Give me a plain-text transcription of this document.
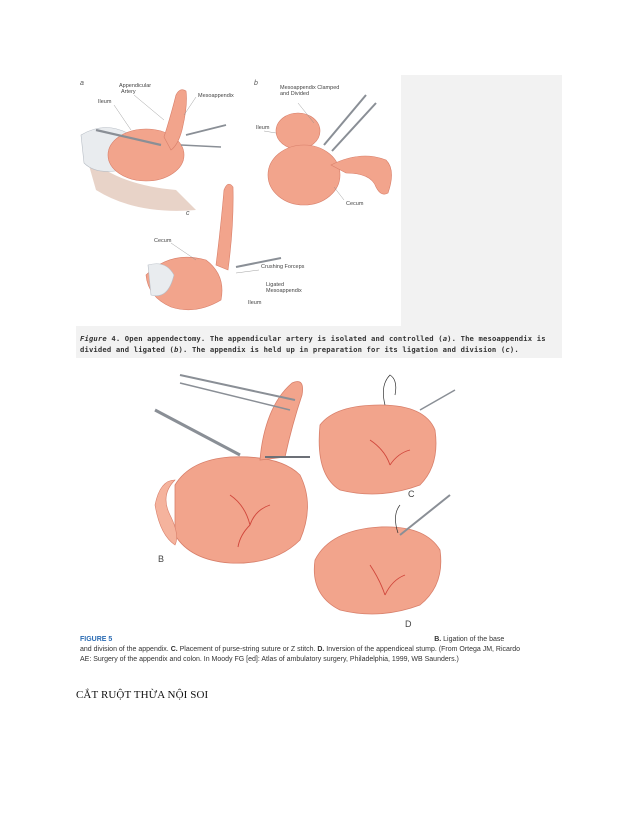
a	Appendicular
Artery
Ileum
Mesoappendix
b
Mesoappendix Clamped
and Divided
Ileum
Cecum
c
Cecum
Crushing Forceps
Ligated
Mesoappendix
Ileum
Figure 4. Open appendectomy. The appendicular artery is isolated and controlled (a). The mesoappendix is divided and ligated (b). The appendix is held up in preparation for its ligation and division (c).
B
C
D
FIGURE 5	B. Ligation of the base
and division of the appendix. C. Placement of purse-string suture or Z stitch. D. Inversion of the appendiceal stump. (From Ortega JM, Ricardo
AE: Surgery of the appendix and colon. In Moody FG [ed]: Atlas of ambulatory surgery, Philadelphia, 1999, WB Saunders.)
CẮT RUỘT THỪA NỘI SOI
